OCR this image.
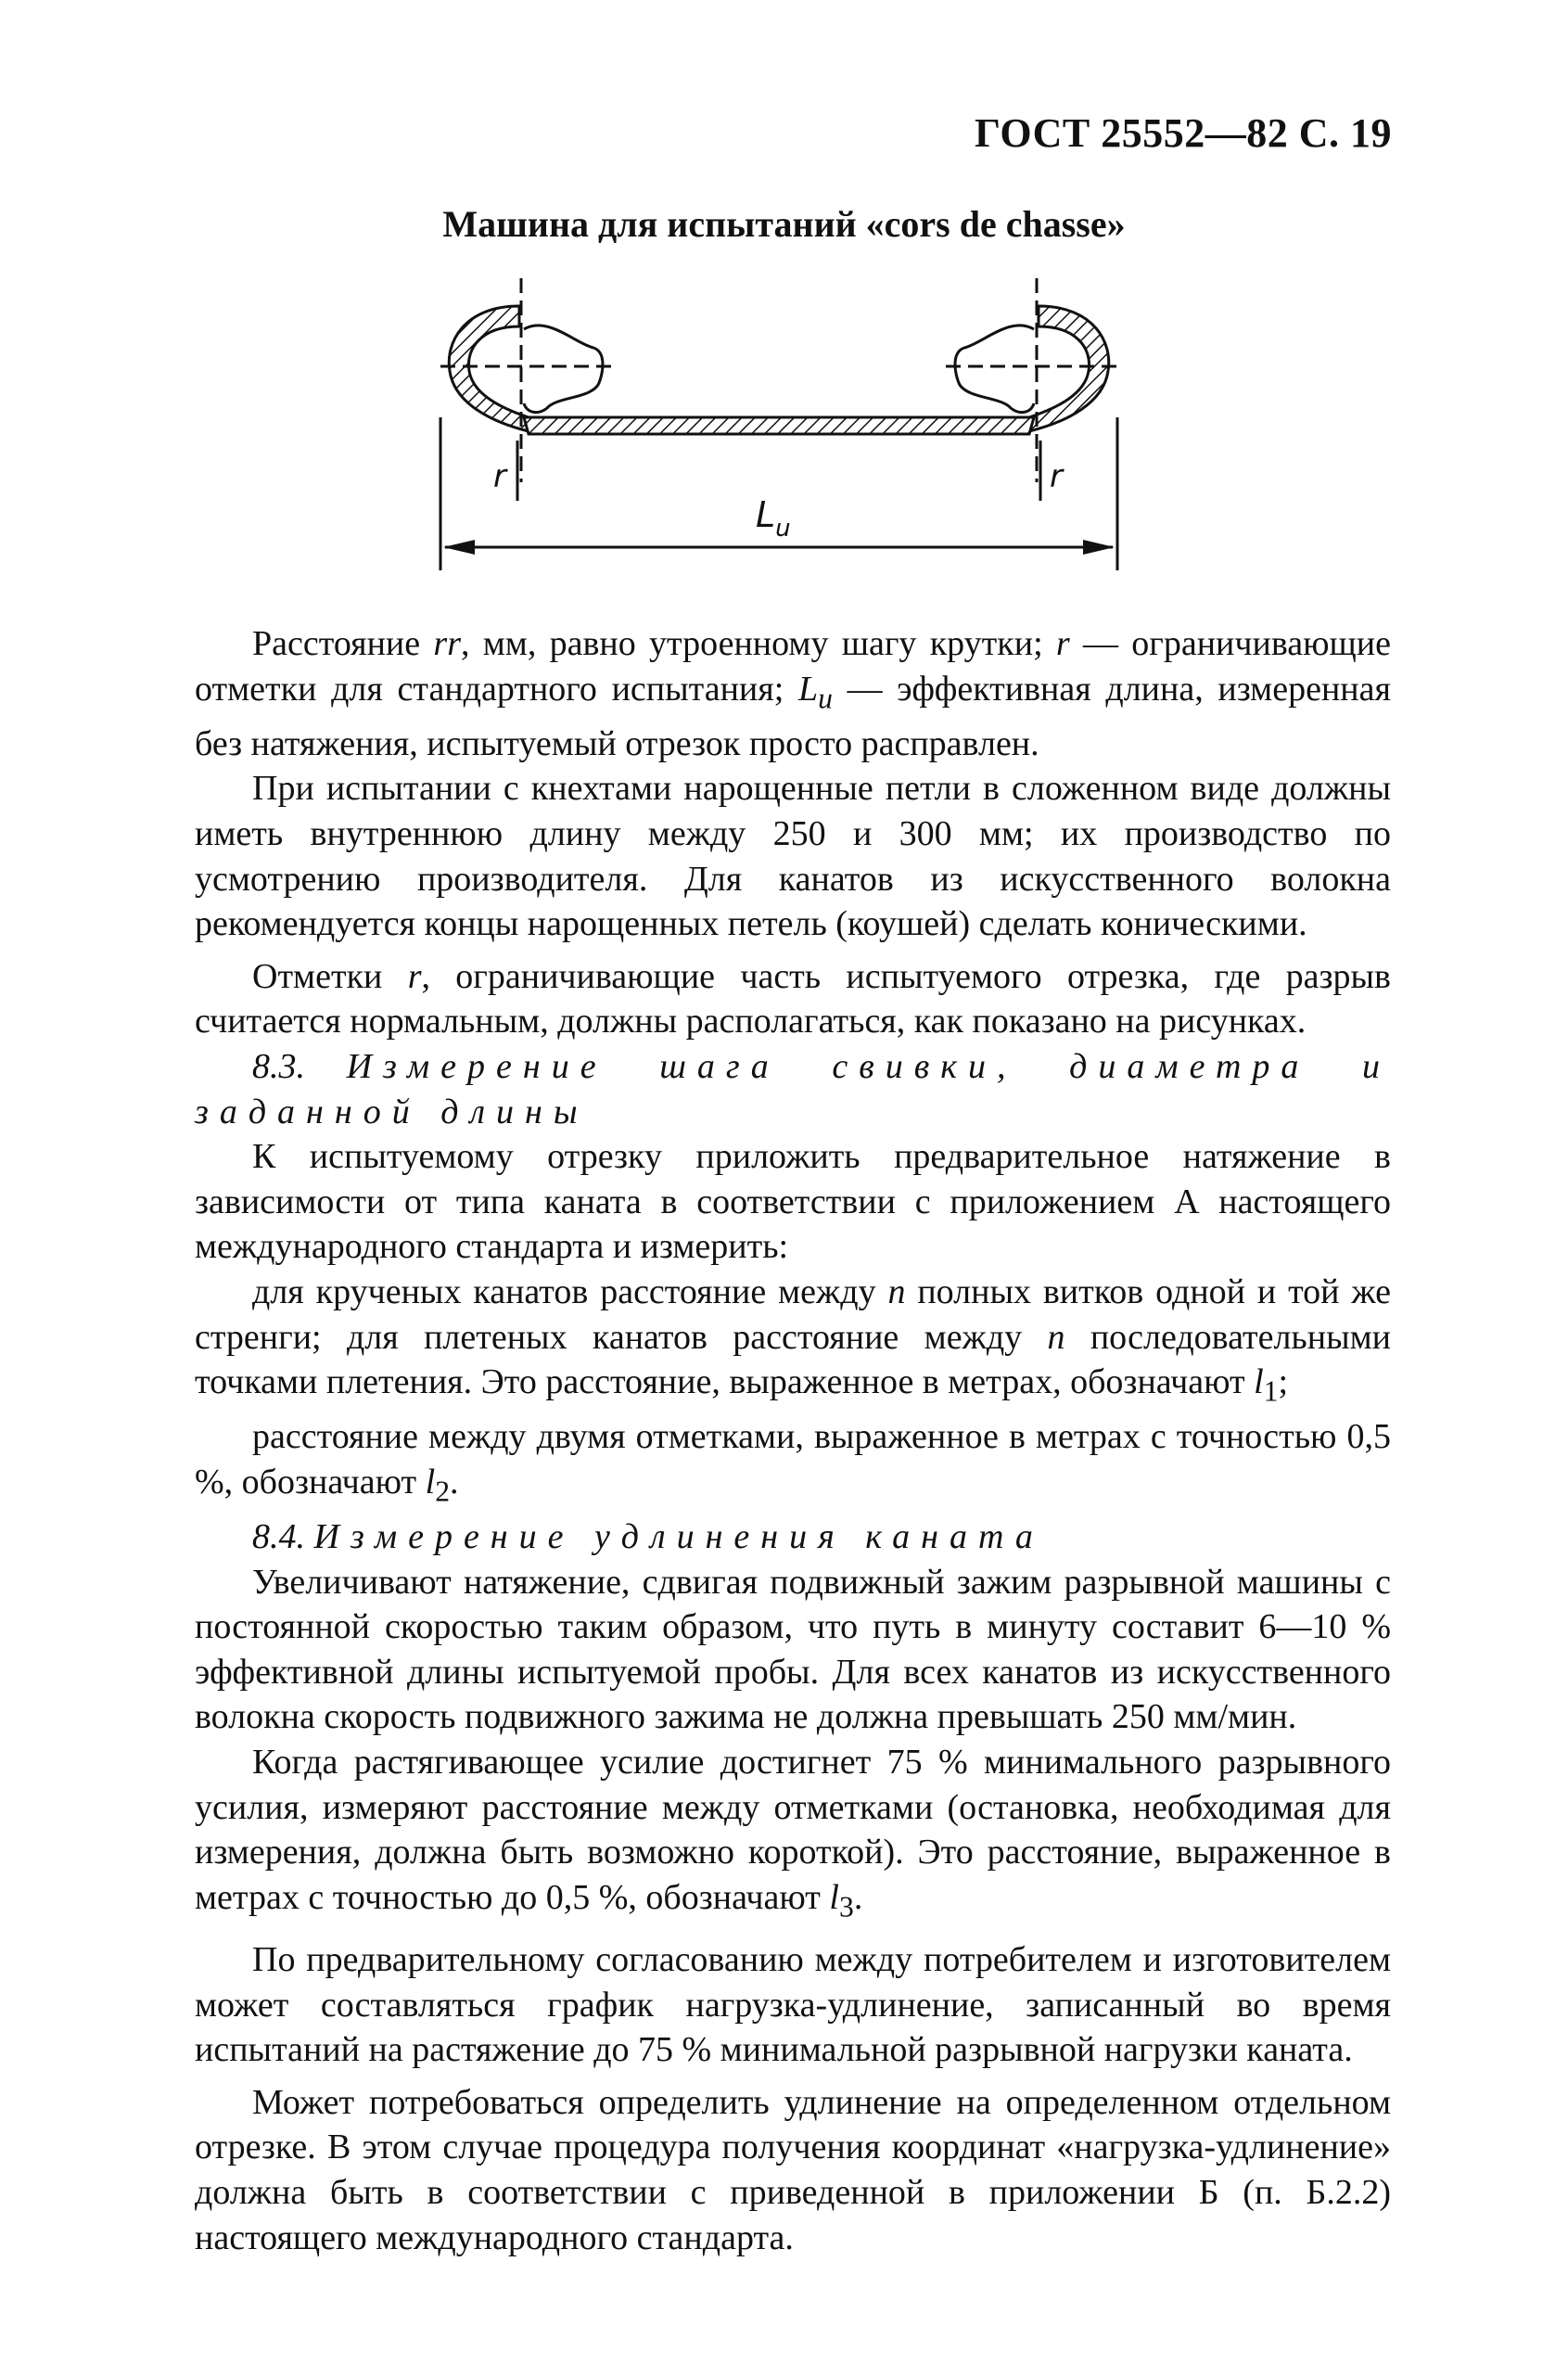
ГОСТ 25552—82 С. 19
Машина для испытаний «cors de chasse»
r	r
$L_u$

Расстояние rr, мм, равно утроенному шагу крутки; r — ограничивающие отметки для стандартного испытания; $L_u$ — эффективная длина, измеренная без натяжения, испытуемый отрезок просто расправлен.

При испытании с кнехтами нарощенные петли в сложенном виде должны иметь внутреннюю длину между 250 и 300 мм; их производство по усмотрению производителя. Для канатов из искусственного волокна рекомендуется концы нарощенных петель (коушей) сделать коническими.

Отметки r, ограничивающие часть испытуемого отрезка, где разрыв считается нормальным, должны располагаться, как показано на рисунках.

8.3. Измерение шага свивки, диаметра и заданной длины

К испытуемому отрезку приложить предварительное натяжение в зависимости от типа каната в соответствии с приложением А настоящего международного стандарта и измерить:

для крученых канатов расстояние между n полных витков одной и той же стренги; для плетеных канатов расстояние между n последовательными точками плетения. Это расстояние, выраженное в метрах, обозначают $l_1$;

расстояние между двумя отметками, выраженное в метрах с точностью 0,5 %, обозначают $l_2$.

8.4. Измерение удлинения каната

Увеличивают натяжение, сдвигая подвижный зажим разрывной машины с постоянной скоростью таким образом, что путь в минуту составит 6—10 % эффективной длины испытуемой пробы. Для всех канатов из искусственного волокна скорость подвижного зажима не должна превышать 250 мм/мин.

Когда растягивающее усилие достигнет 75 % минимального разрывного усилия, измеряют расстояние между отметками (остановка, необходимая для измерения, должна быть возможно короткой). Это расстояние, выраженное в метрах с точностью до 0,5 %, обозначают $l_3$.

По предварительному согласованию между потребителем и изготовителем может составляться график нагрузка-удлинение, записанный во время испытаний на растяжение до 75 % минимальной разрывной нагрузки каната.

Может потребоваться определить удлинение на определенном отдельном отрезке. В этом случае процедура получения координат «нагрузка-удлинение» должна быть в соответствии с приведенной в приложении Б (п. Б.2.2) настоящего международного стандарта.
